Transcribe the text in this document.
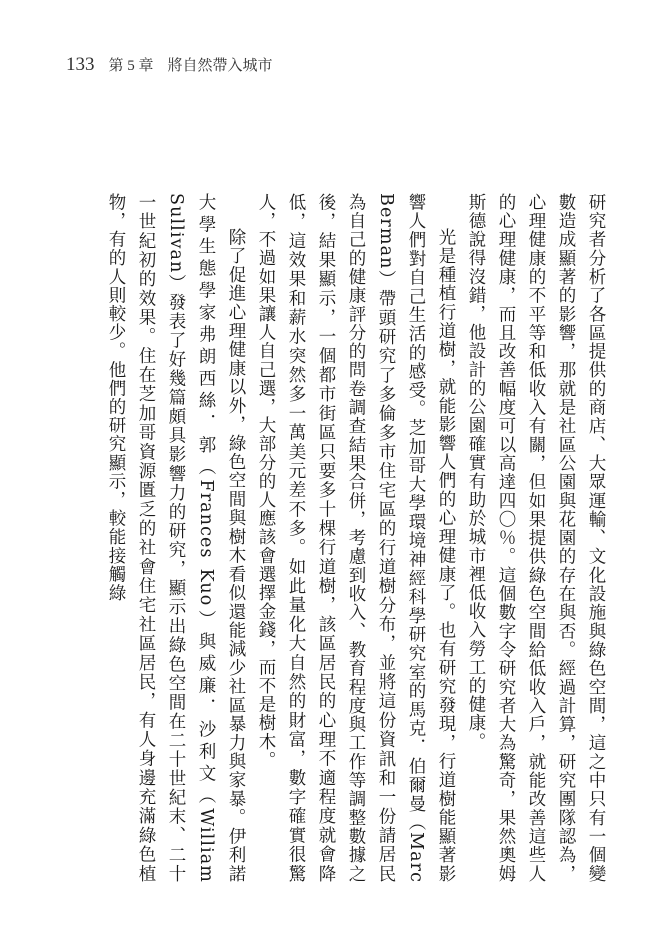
133 第 5 章 將自然帶入城市

研究者分析了各區提供的商店、大眾運輸、文化設施與綠色空間，這之中只有一個變數造成顯著的影響，那就是社區公園與花園的存在與否。經過計算，研究團隊認為，心理健康的不平等和低收入有關，但如果提供綠色空間給低收入戶，就能改善這些人的心理健康，而且改善幅度可以高達四〇％。這個數字令研究者大為驚奇，果然奧姆斯德說得沒錯，他設計的公園確實有助於城市裡低收入勞工的健康。

光是種植行道樹，就能影響人們的心理健康了。也有研究發現，行道樹能顯著影響人們對自己生活的感受。芝加哥大學環境神經科學研究室的馬克．伯爾曼（Marc Berman）帶頭研究了多倫多市住宅區的行道樹分布，並將這份資訊和一份請居民為自己的健康評分的問卷調查結果合併，考慮到收入、教育程度與工作等調整數據之後，結果顯示，一個都市街區只要多十棵行道樹，該區居民的心理不適程度就會降低，這效果和薪水突然多一萬美元差不多。如此量化大自然的財富，數字確實很驚人，不過如果讓人自己選，大部分的人應該會選擇金錢，而不是樹木。

除了促進心理健康以外，綠色空間與樹木看似還能減少社區暴力與家暴。伊利諾大學生態學家弗朗西絲．郭（Frances Kuo）與威廉．沙利文（William Sullivan）發表了好幾篇頗具影響力的研究，顯示出綠色空間在二十世紀末、二十一世紀初的效果。住在芝加哥資源匱乏的社會住宅社區居民，有人身邊充滿綠色植物，有的人則較少。他們的研究顯示，較能接觸綠
